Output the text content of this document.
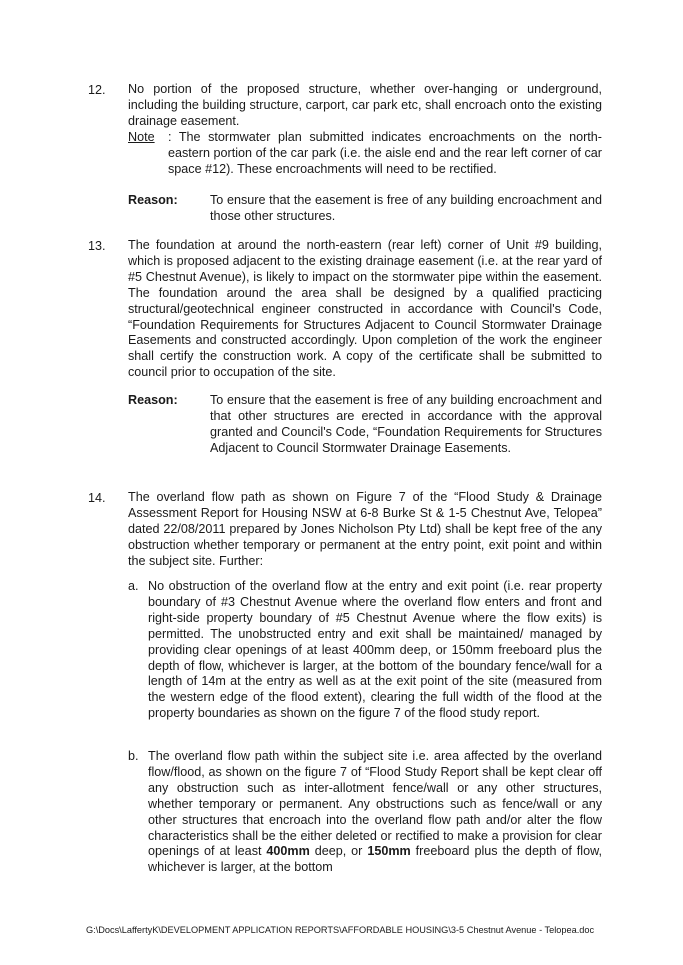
12. No portion of the proposed structure, whether over-hanging or underground, including the building structure, carport, car park etc, shall encroach onto the existing drainage easement.

Note : The stormwater plan submitted indicates encroachments on the north-eastern portion of the car park (i.e. the aisle end and the rear left corner of car space #12). These encroachments will need to be rectified.

Reason:	To ensure that the easement is free of any building encroachment and those other structures.

13. The foundation at around the north-eastern (rear left) corner of Unit #9 building, which is proposed adjacent to the existing drainage easement (i.e. at the rear yard of #5 Chestnut Avenue), is likely to impact on the stormwater pipe within the easement. The foundation around the area shall be designed by a qualified practicing structural/geotechnical engineer constructed in accordance with Council's Code, “Foundation Requirements for Structures Adjacent to Council Stormwater Drainage Easements and constructed accordingly. Upon completion of the work the engineer shall certify the construction work. A copy of the certificate shall be submitted to council prior to occupation of the site.

Reason:	To ensure that the easement is free of any building encroachment and that other structures are erected in accordance with the approval granted and Council's Code, “Foundation Requirements for Structures Adjacent to Council Stormwater Drainage Easements.

14. The overland flow path as shown on Figure 7 of the “Flood Study & Drainage Assessment Report for Housing NSW at 6-8 Burke St & 1-5 Chestnut Ave, Telopea” dated 22/08/2011 prepared by Jones Nicholson Pty Ltd) shall be kept free of the any obstruction whether temporary or permanent at the entry point, exit point and within the subject site. Further:

a. No obstruction of the overland flow at the entry and exit point (i.e. rear property boundary of #3 Chestnut Avenue where the overland flow enters and front and right-side property boundary of #5 Chestnut Avenue where the flow exits) is permitted. The unobstructed entry and exit shall be maintained/ managed by providing clear openings of at least 400mm deep, or 150mm freeboard plus the depth of flow, whichever is larger, at the bottom of the boundary fence/wall for a length of 14m at the entry as well as at the exit point of the site (measured from the western edge of the flood extent), clearing the full width of the flood at the property boundaries as shown on the figure 7 of the flood study report.

b. The overland flow path within the subject site i.e. area affected by the overland flow/flood, as shown on the figure 7 of “Flood Study Report shall be kept clear off any obstruction such as inter-allotment fence/wall or any other structures, whether temporary or permanent. Any obstructions such as fence/wall or any other structures that encroach into the overland flow path and/or alter the flow characteristics shall be the either deleted or rectified to make a provision for clear openings of at least 400mm deep, or 150mm freeboard plus the depth of flow, whichever is larger, at the bottom

G:\Docs\LaffertyK\DEVELOPMENT APPLICATION REPORTS\AFFORDABLE HOUSING\3-5 Chestnut Avenue - Telopea.doc
